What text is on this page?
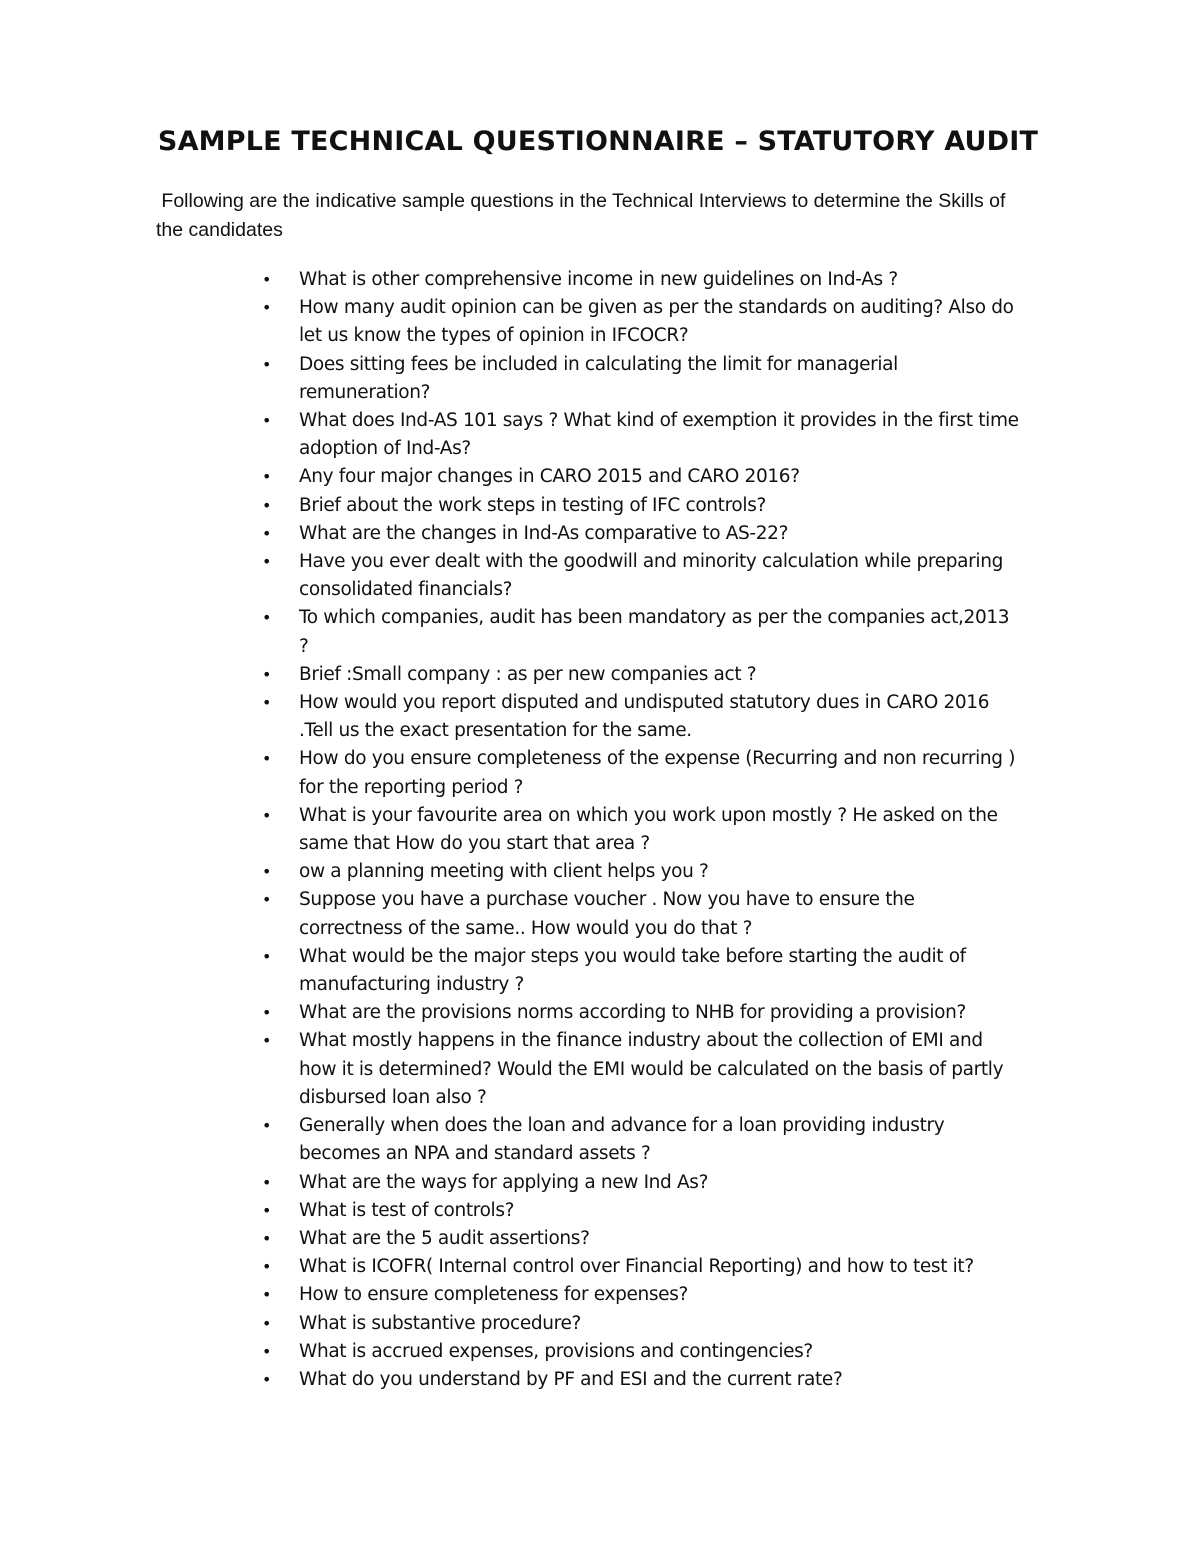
SAMPLE TECHNICAL QUESTIONNAIRE – STATUTORY AUDIT

Following are the indicative sample questions in the Technical Interviews to determine the Skills of the candidates

• What is other comprehensive income in new guidelines on Ind-As ?
• How many audit opinion can be given as per the standards on auditing? Also do let us know the types of opinion in IFCOCR?
• Does sitting fees be included in calculating the limit for managerial remuneration?
• What does Ind-AS 101 says ? What kind of exemption it provides in the first time adoption of Ind-As?
• Any four major changes in CARO 2015 and CARO 2016?
• Brief about the work steps in testing of IFC controls?
• What are the changes in Ind-As comparative to AS-22?
• Have you ever dealt with the goodwill and minority calculation while preparing consolidated financials?
• To which companies, audit has been mandatory as per the companies act,2013 ?
• Brief :Small company : as per new companies act ?
• How would you report disputed and undisputed statutory dues in CARO 2016 .Tell us the exact presentation for the same.
• How do you ensure completeness of the expense (Recurring and non recurring ) for the reporting period ?
• What is your favourite area on which you work upon mostly ? He asked on the same that How do you start that area ?
• ow a planning meeting with client helps you ?
• Suppose you have a purchase voucher . Now you have to ensure the correctness of the same.. How would you do that ?
• What would be the major steps you would take before starting the audit of manufacturing industry ?
• What are the provisions norms according to NHB for providing a provision?
• What mostly happens in the finance industry about the collection of EMI and how it is determined? Would the EMI would be calculated on the basis of partly disbursed loan also ?
• Generally when does the loan and advance for a loan providing industry becomes an NPA and standard assets ?
• What are the ways for applying a new Ind As?
• What is test of controls?
• What are the 5 audit assertions?
• What is ICOFR( Internal control over Financial Reporting) and how to test it?
• How to ensure completeness for expenses?
• What is substantive procedure?
• What is accrued expenses, provisions and contingencies?
• What do you understand by PF and ESI and the current rate?
